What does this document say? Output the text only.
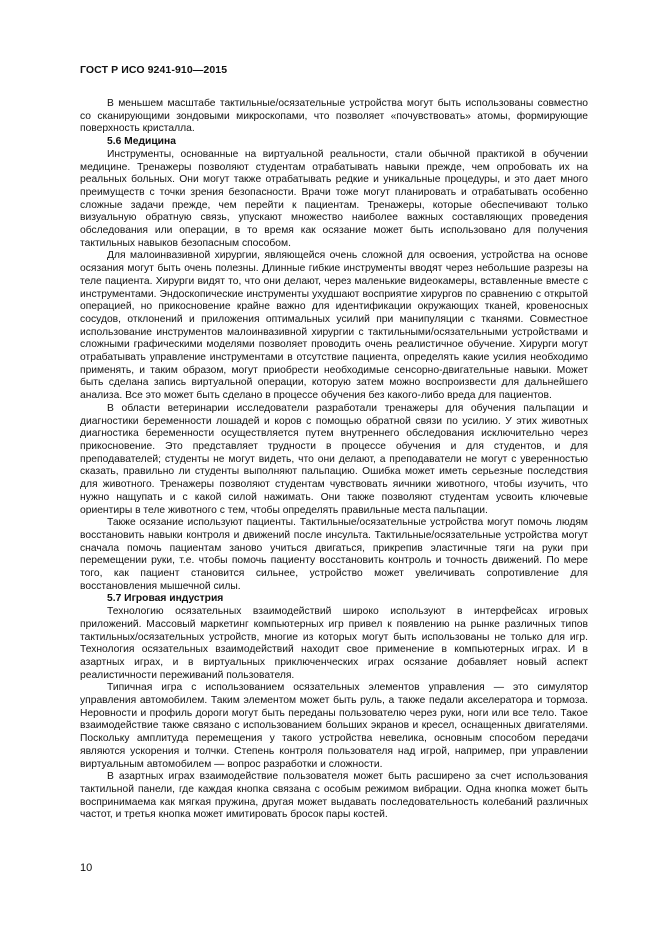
ГОСТ Р ИСО 9241-910—2015

В меньшем масштабе тактильные/осязательные устройства могут быть использованы совместно со сканирующими зондовыми микроскопами, что позволяет «почувствовать» атомы, формирующие поверхность кристалла.

5.6 Медицина

Инструменты, основанные на виртуальной реальности, стали обычной практикой в обучении медицине. Тренажеры позволяют студентам отрабатывать навыки прежде, чем опробовать их на реальных больных. Они могут также отрабатывать редкие и уникальные процедуры, и это дает много преимуществ с точки зрения безопасности. Врачи тоже могут планировать и отрабатывать особенно сложные задачи прежде, чем перейти к пациентам. Тренажеры, которые обеспечивают только визуальную обратную связь, упускают множество наиболее важных составляющих проведения обследования или операции, в то время как осязание может быть использовано для получения тактильных навыков безопасным способом.

Для малоинвазивной хирургии, являющейся очень сложной для освоения, устройства на основе осязания могут быть очень полезны. Длинные гибкие инструменты вводят через небольшие разрезы на теле пациента. Хирурги видят то, что они делают, через маленькие видеокамеры, вставленные вместе с инструментами. Эндоскопические инструменты ухудшают восприятие хирургов по сравнению с открытой операцией, но прикосновение крайне важно для идентификации окружающих тканей, кровеносных сосудов, отклонений и приложения оптимальных усилий при манипуляции с тканями. Совместное использование инструментов малоинвазивной хирургии с тактильными/осязательными устройствами и сложными графическими моделями позволяет проводить очень реалистичное обучение. Хирурги могут отрабатывать управление инструментами в отсутствие пациента, определять какие усилия необходимо применять, и таким образом, могут приобрести необходимые сенсорно-двигательные навыки. Может быть сделана запись виртуальной операции, которую затем можно воспроизвести для дальнейшего анализа. Все это может быть сделано в процессе обучения без какого-либо вреда для пациентов.

В области ветеринарии исследователи разработали тренажеры для обучения пальпации и диагностики беременности лошадей и коров с помощью обратной связи по усилию. У этих животных диагностика беременности осуществляется путем внутреннего обследования исключительно через прикосновение. Это представляет трудности в процессе обучения и для студентов, и для преподавателей; студенты не могут видеть, что они делают, а преподаватели не могут с уверенностью сказать, правильно ли студенты выполняют пальпацию. Ошибка может иметь серьезные последствия для животного. Тренажеры позволяют студентам чувствовать яичники животного, чтобы изучить, что нужно нащупать и с какой силой нажимать. Они также позволяют студентам усвоить ключевые ориентиры в теле животного с тем, чтобы определять правильные места пальпации.

Также осязание используют пациенты. Тактильные/осязательные устройства могут помочь людям восстановить навыки контроля и движений после инсульта. Тактильные/осязательные устройства могут сначала помочь пациентам заново учиться двигаться, прикрепив эластичные тяги на руки при перемещении руки, т.е. чтобы помочь пациенту восстановить контроль и точность движений. По мере того, как пациент становится сильнее, устройство может увеличивать сопротивление для восстановления мышечной силы.

5.7 Игровая индустрия

Технологию осязательных взаимодействий широко используют в интерфейсах игровых приложений. Массовый маркетинг компьютерных игр привел к появлению на рынке различных типов тактильных/осязательных устройств, многие из которых могут быть использованы не только для игр. Технология осязательных взаимодействий находит свое применение в компьютерных играх. И в азартных играх, и в виртуальных приключенческих играх осязание добавляет новый аспект реалистичности переживаний пользователя.

Типичная игра с использованием осязательных элементов управления — это симулятор управления автомобилем. Таким элементом может быть руль, а также педали акселератора и тормоза. Неровности и профиль дороги могут быть переданы пользователю через руки, ноги или все тело. Такое взаимодействие также связано с использованием больших экранов и кресел, оснащенных двигателями. Поскольку амплитуда перемещения у такого устройства невелика, основным способом передачи являются ускорения и толчки. Степень контроля пользователя над игрой, например, при управлении виртуальным автомобилем — вопрос разработки и сложности.

В азартных играх взаимодействие пользователя может быть расширено за счет использования тактильной панели, где каждая кнопка связана с особым режимом вибрации. Одна кнопка может быть воспринимаема как мягкая пружина, другая может выдавать последовательность колебаний различных частот, и третья кнопка может имитировать бросок пары костей.

10
